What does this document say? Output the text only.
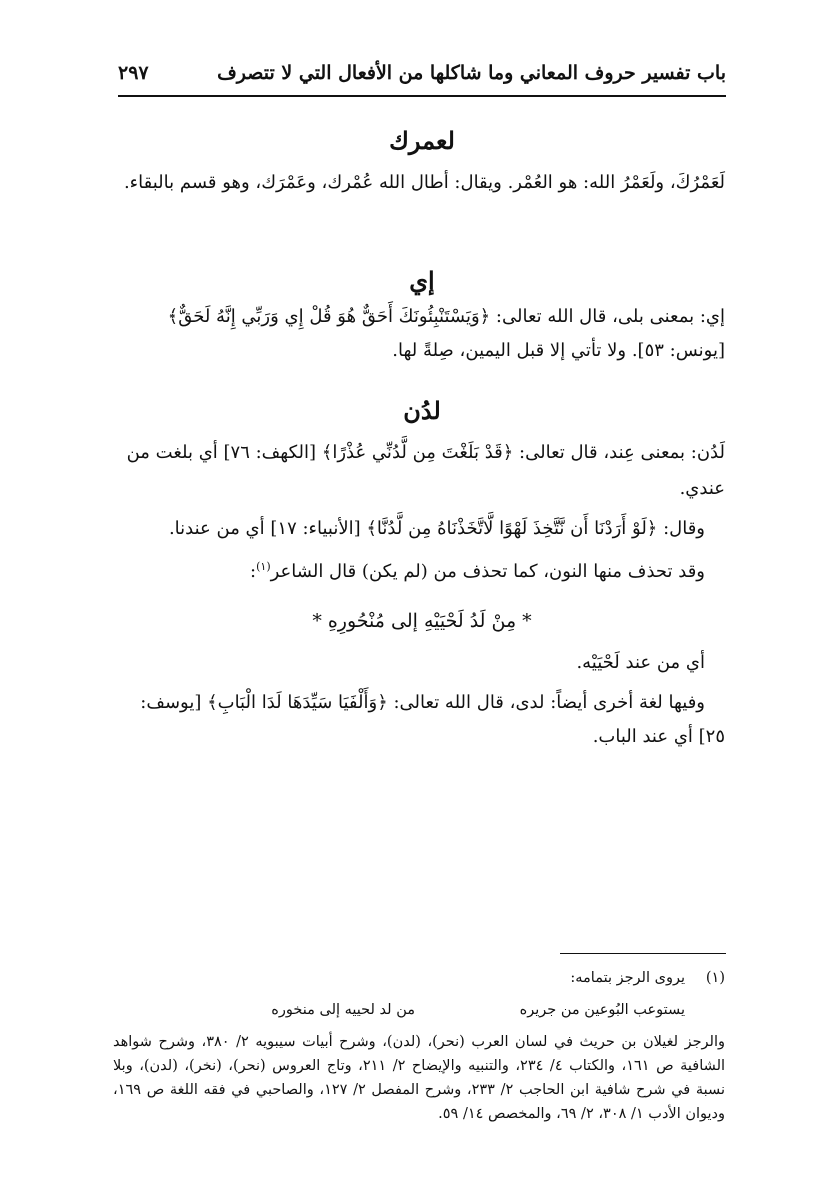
باب تفسير حروف المعاني وما شاكلها من الأفعال التي لا تتصرف
٢٩٧
لعمرك
لَعَمْرُكَ، ولَعَمْرُ الله: هو العُمْر. ويقال: أطال الله عُمْرك، وعَمْرَك، وهو قسم بالبقاء.
إي
إي: بمعنى بلى، قال الله تعالى: ﴿وَيَسْتَنْبِئُونَكَ أَحَقٌّ هُوَ قُلْ إِي وَرَبِّي إِنَّهُ لَحَقٌّ﴾
[يونس: ٥٣]. ولا تأتي إلا قبل اليمين، صِلةً لها.
لدُن
لَدُن: بمعنى عِند، قال تعالى: ﴿قَدْ بَلَغْتَ مِن لَّدُنِّي عُذْرًا﴾ [الكهف: ٧٦] أي بلغت من
عندي.
وقال: ﴿لَوْ أَرَدْنَا أَن نَّتَّخِذَ لَهْوًا لَّاتَّخَذْنَاهُ مِن لَّدُنَّا﴾ [الأنبياء: ١٧] أي من عندنا.
وقد تحذف منها النون، كما تحذف من (لم يكن) قال الشاعر$^{(١)}$:
* مِنْ لَدُ لَحْيَيْهِ إلى مُنْحُورِهِ *
أي من عند لَحْيَيْه.
وفيها لغة أخرى أيضاً: لدى، قال الله تعالى: ﴿وَأَلْفَيَا سَيِّدَهَا لَدَا الْبَابِ﴾ [يوسف:
٢٥] أي عند الباب.
(١)
يروى الرجز بتمامه:
يستوعب البُوعين من جريره
من لد لحييه إلى منخوره
والرجز لغيلان بن حريث في لسان العرب (نحر)، (لدن)، وشرح أبيات سيبويه ٢/ ٣٨٠، وشرح شواهد الشافية ص ١٦١، والكتاب ٤/ ٢٣٤، والتنبيه والإيضاح ٢/ ٢١١، وتاج العروس (نحر)، (نخر)، (لدن)، وبلا نسبة في شرح شافية ابن الحاجب ٢/ ٢٣٣، وشرح المفصل ٢/ ١٢٧، والصاحبي في فقه اللغة ص ١٦٩، وديوان الأدب ١/ ٣٠٨، ٢/ ٦٩، والمخصص ١٤/ ٥٩.
